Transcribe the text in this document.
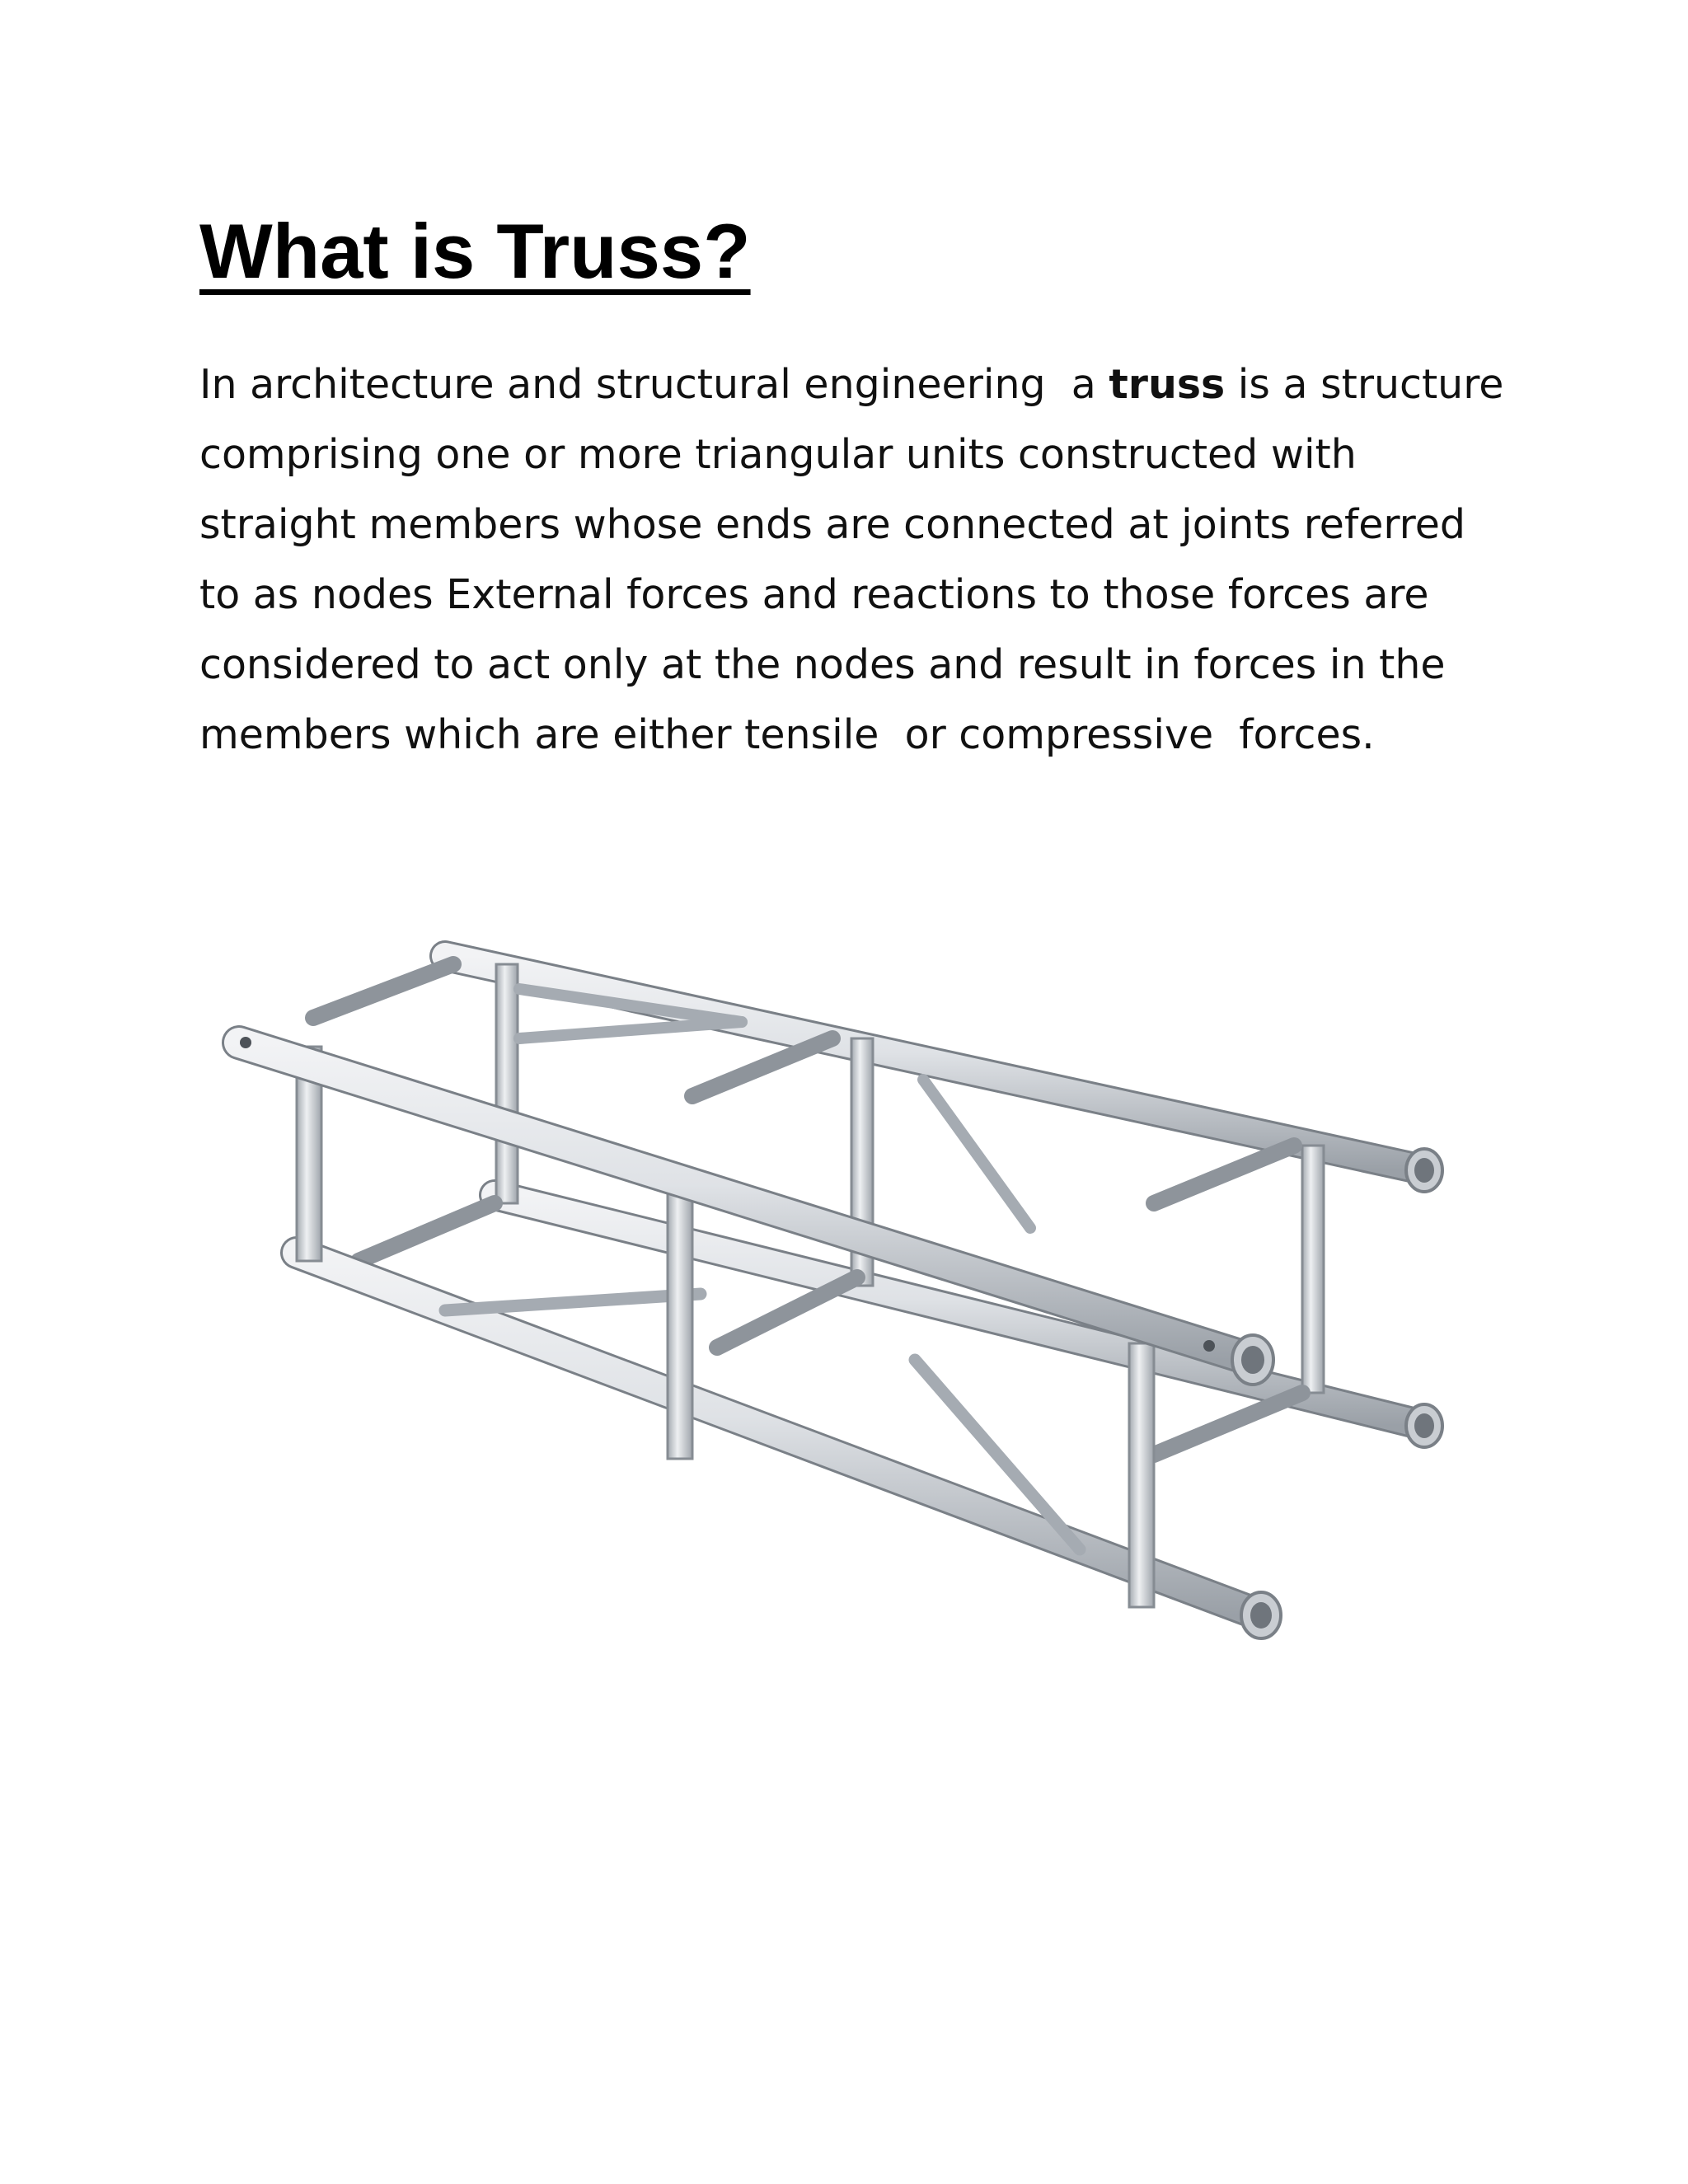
What is Truss?

In architecture and structural engineering  a truss is a structure
comprising one or more triangular units constructed with
straight members whose ends are connected at joints referred
to as nodes External forces and reactions to those forces are
considered to act only at the nodes and result in forces in the
members which are either tensile  or compressive  forces.
